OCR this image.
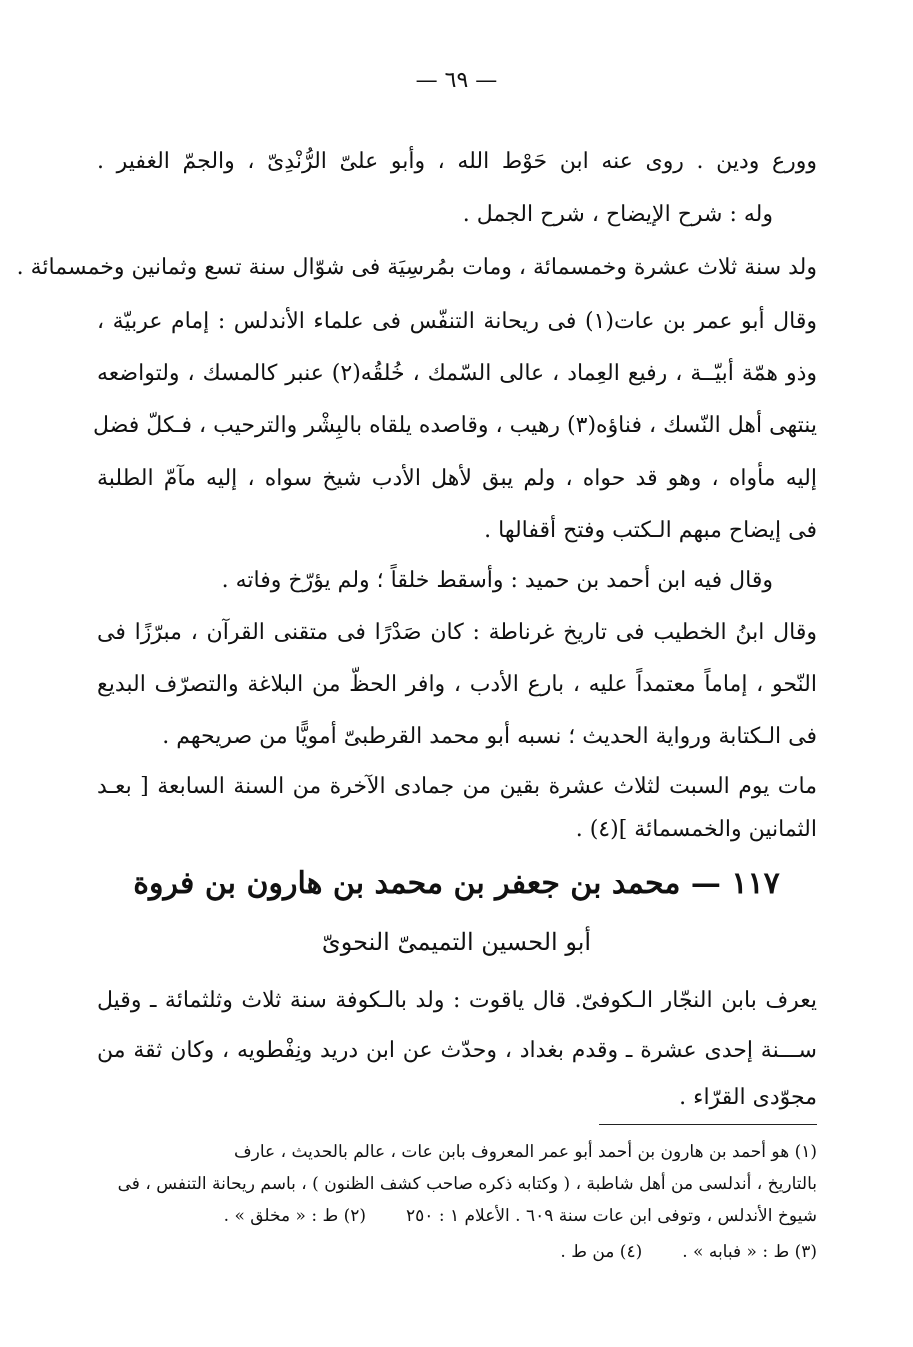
— ٦٩ —
وورع ودين . روى عنه ابن حَوْط الله ، وأبو علىّ الرُّنْدِىّ ، والجمّ الغفير .
وله : شرح الإيضاح ، شرح الجمل .
ولد سنة ثلاث عشرة وخمسمائة ، ومات بمُرسِيَة فى شوّال سنة تسع وثمانين وخمسمائة .
وقال أبو عمر بن عات(١) فى ريحانة التنفّس فى علماء الأندلس : إمام عربيّة ،
وذو همّة أبيّــة ، رفيع العِماد ، عالى السّمك ، خُلقُه(٢) عنبر كالمسك ، ولتواضعه
ينتهى أهل النّسك ، فناؤه(٣) رهيب ، وقاصده يلقاه بالبِشْر والترحيب ، فـكلّ فضل
إليه مأواه ، وهو قد حواه ، ولم يبق لأهل الأدب شيخ سواه ، إليه مآمّ الطلبة
فى إيضاح مبهم الـكتب وفتح أقفالها .
وقال فيه ابن أحمد بن حميد : وأسقط خلقاً ؛ ولم يؤرّخ وفاته .
وقال ابنُ الخطيب فى تاريخ غرناطة : كان صَدْرًا فى متقنى القرآن ، مبرّزًا فى
النّحو ، إماماً معتمداً عليه ، بارع الأدب ، وافر الحظّ من البلاغة والتصرّف البديع
فى الـكتابة ورواية الحديث ؛ نسبه أبو محمد القرطبىّ أمويًّا من صريحهم .
مات يوم السبت لثلاث عشرة بقين من جمادى الآخرة من السنة السابعة [ بعـد
الثمانين والخمسمائة ](٤) .
١١٧ — محمد بن جعفر بن محمد بن هارون بن فروة
أبو الحسين التميمىّ النحوىّ
يعرف بابن النجّار الـكوفىّ. قال ياقوت : ولد بالـكوفة سنة ثلاث وثلثمائة ـ وقيل
ســـنة إحدى عشرة ـ وقدم بغداد ، وحدّث عن ابن دريد ونِفْطويه ، وكان ثقة من
مجوّدى القرّاء .
(١) هو أحمد بن هارون بن أحمد أبو عمر المعروف بابن عات ، عالم بالحديث ، عارف
بالتاريخ ، أندلسى من أهل شاطبة ، ( وكتابه ذكره صاحب كشف الظنون ) ، باسم ريحانة التنفس ، فى
شيوخ الأندلس ، وتوفى ابن عات سنة ٦٠٩ . الأعلام ١ : ٢٥٠
(٢) ط : « مخلق » .
(٣) ط : « فبابه » .
(٤) من ط .
